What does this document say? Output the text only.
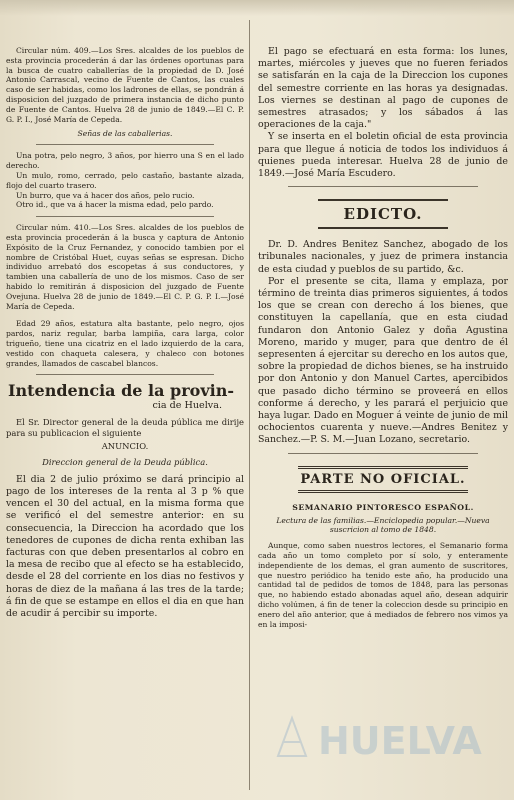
Circular núm. 409.—Los Sres. alcaldes de los pueblos de esta provincia procederán á dar las órdenes oportunas para la busca de cuatro caballerías de la propiedad de D. José Antonio Carrascal, vecino de Fuente de Cantos, las cuales caso de ser habidas, como los ladrones de ellas, se pondrán á disposicion del juzgado de primera instancia de dicho punto de Fuente de Cantos. Huelva 28 de junio de 1849.—El C. P. G. P. I., José María de Cepeda.

Señas de las caballerias.

Una potra, pelo negro, 3 años, por hierro una S en el lado derecho.

Un mulo, romo, cerrado, pelo castaño, bastante alzada, flojo del cuarto trasero.

Un burro, que va á hacer dos años, pelo rucio.

Otro id., que va á hacer la misma edad, pelo pardo.

Circular núm. 410.—Los Sres. alcaldes de los pueblos de esta provincia procederán á la busca y captura de Antonio Expósito de la Cruz Fernandez, y conocido tambien por el nombre de Cristóbal Huet, cuyas señas se espresan. Dicho individuo arrebató dos escopetas á sus conductores, y tambien una caballería de uno de los mismos. Caso de ser habido lo remitirán á disposicion del juzgado de Fuente Ovejuna. Huelva 28 de junio de 1849.—El C. P. G. P. I.—José María de Cepeda.

Edad 29 años, estatura alta bastante, pelo negro, ojos pardos, nariz regular, barba lampiña, cara larga, color trigueño, tiene una cicatriz en el lado izquierdo de la cara, vestido con chaqueta calesera, y chaleco con botones grandes, llamados de cascabel blancos.

Intendencia de la provin-
cia de Huelva.

El Sr. Director general de la deuda pública me dirije para su publicacion el siguiente

ANUNCIO.

Direccion general de la Deuda pública.

El dia 2 de julio próximo se dará principio al pago de los intereses de la renta al 3 p % que vencen el 30 del actual, en la misma forma que se verificó el del semestre anterior: en su consecuencia, la Direccion ha acordado que los tenedores de cupones de dicha renta exhiban las facturas con que deben presentarlos al cobro en la mesa de recibo que al efecto se ha establecido, desde el 28 del corriente en los dias no festivos y horas de diez de la mañana á las tres de la tarde; á fin de que se estampe en ellos el dia en que han de acudir á percibir su importe.

El pago se efectuará en esta forma: los lunes, martes, miércoles y jueves que no fueren feriados se satisfarán en la caja de la Direccion los cupones del semestre corriente en las horas ya designadas. Los viernes se destinan al pago de cupones de semestres atrasados; y los sábados á las operaciones de la caja."

Y se inserta en el boletin oficial de esta provincia para que llegue á noticia de todos los individuos á quienes pueda interesar. Huelva 28 de junio de 1849.—José María Escudero.

EDICTO.

Dr. D. Andres Benitez Sanchez, abogado de los tribunales nacionales, y juez de primera instancia de esta ciudad y pueblos de su partido, &c.

Por el presente se cita, llama y emplaza, por término de treinta dias primeros siguientes, á todos los que se crean con derecho á los bienes, que constituyen la capellanía, que en esta ciudad fundaron don Antonio Galez y doña Agustina Moreno, marido y muger, para que dentro de él sepresenten á ejercitar su derecho en los autos que, sobre la propiedad de dichos bienes, se ha instruido por don Antonio y don Manuel Cartes, apercibidos que pasado dicho término se proveerá en ellos conforme á derecho, y les parará el perjuicio que haya lugar. Dado en Moguer á veinte de junio de mil ochocientos cuarenta y nueve.—Andres Benitez y Sanchez.—P. S. M.—Juan Lozano, secretario.

PARTE NO OFICIAL.

SEMANARIO PINTORESCO ESPAÑOL.

Lectura de las familias.—Enciclopedia popular.—Nueva suscricion al tomo de 1848.

Aunque, como saben nuestros lectores, el Semanario forma cada año un tomo completo por sí solo, y enteramente independiente de los demas, el gran aumento de suscritores, que nuestro periódico ha tenido este año, ha producido una cantidad tal de pedidos de tomos de 1848, para las personas que, no habiendo estado abonadas aquel año, desean adquirir dicho volúmen, á fin de tener la coleccion desde su principio en enero del año anterior, que á mediados de febrero nos vimos ya en la imposi-

HUELVA
